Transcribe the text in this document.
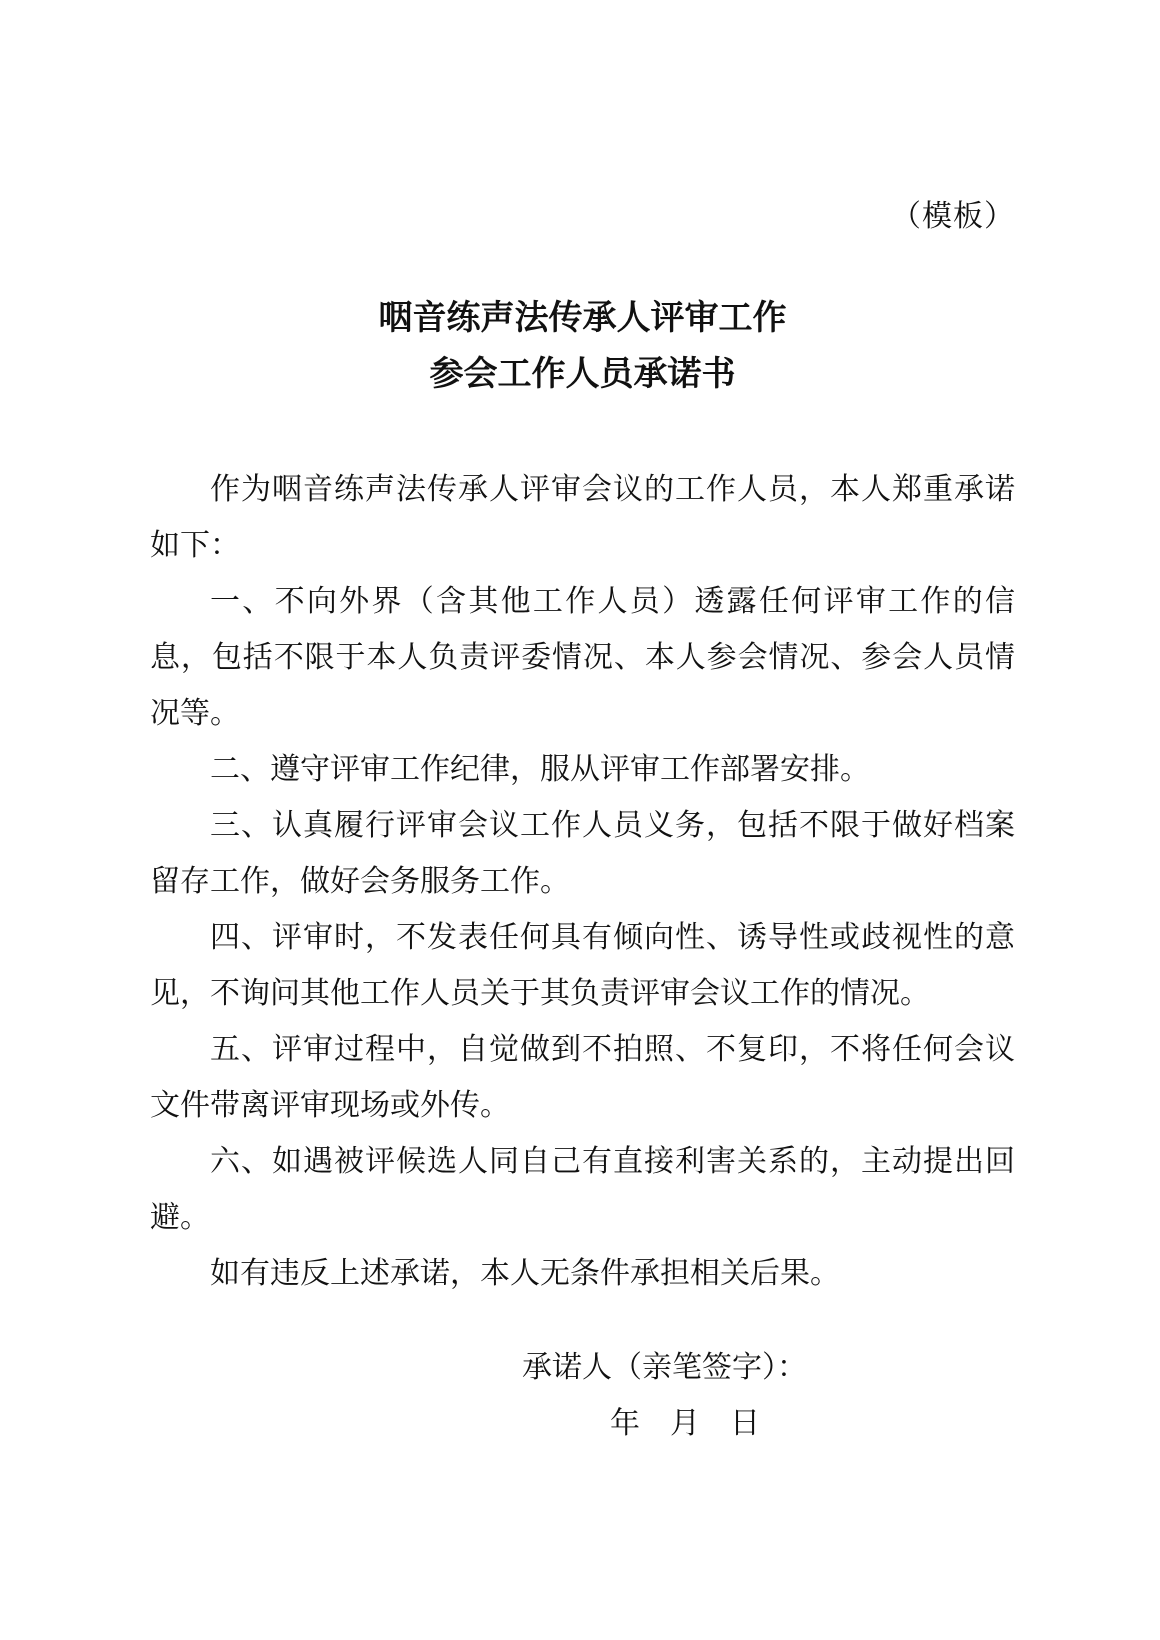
（模板）
咽音练声法传承人评审工作
参会工作人员承诺书

作为咽音练声法传承人评审会议的工作人员，本人郑重承诺如下：

一、不向外界（含其他工作人员）透露任何评审工作的信息，包括不限于本人负责评委情况、本人参会情况、参会人员情况等。

二、遵守评审工作纪律，服从评审工作部署安排。

三、认真履行评审会议工作人员义务，包括不限于做好档案留存工作，做好会务服务工作。

四、评审时，不发表任何具有倾向性、诱导性或歧视性的意见，不询问其他工作人员关于其负责评审会议工作的情况。

五、评审过程中，自觉做到不拍照、不复印，不将任何会议文件带离评审现场或外传。

六、如遇被评候选人同自己有直接利害关系的，主动提出回避。

如有违反上述承诺，本人无条件承担相关后果。

承诺人（亲笔签字）：
年　月　日
